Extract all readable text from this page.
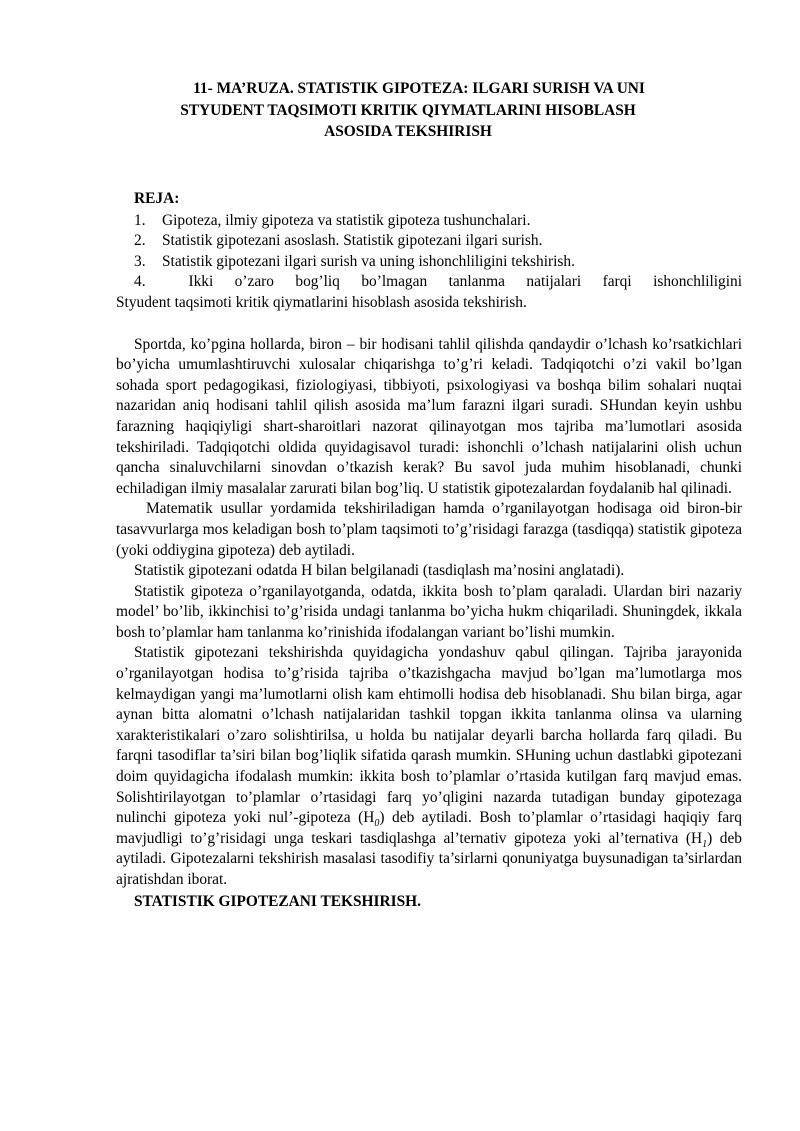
11- MA’RUZA. STATISTIK GIPOTEZA: ILGARI SURISH VA UNI
STYUDENT TAQSIMOTI KRITIK QIYMATLARINI HISOBLASH
ASOSIDA TEKSHIRISH
REJA:
1.	Gipoteza, ilmiy gipoteza va statistik gipoteza tushunchalari.
2.	Statistik gipotezani asoslash. Statistik gipotezani ilgari surish.
3.	Statistik gipotezani ilgari surish va uning ishonchliligini tekshirish.
4.	Ikki o’zaro bog’liq bo’lmagan tanlanma natijalari farqi ishonchliligini
Styudent taqsimoti kritik qiymatlarini hisoblash asosida tekshirish.

Sportda, ko’pgina hollarda, biron – bir hodisani tahlil qilishda qandaydir o’lchash ko’rsatkichlari bo’yicha umumlashtiruvchi xulosalar chiqarishga to’g’ri keladi. Tadqiqotchi o’zi vakil bo’lgan sohada sport pedagogikasi, fiziologiyasi, tibbiyoti, psixologiyasi va boshqa bilim sohalari nuqtai nazaridan aniq hodisani tahlil qilish asosida ma’lum farazni ilgari suradi. SHundan keyin ushbu farazning haqiqiyligi shart-sharoitlari nazorat qilinayotgan mos tajriba ma’lumotlari asosida tekshiriladi. Tadqiqotchi oldida quyidagisavol turadi: ishonchli o’lchash natijalarini olish uchun qancha sinaluvchilarni sinovdan o’tkazish kerak? Bu savol juda muhim hisoblanadi, chunki echiladigan ilmiy masalalar zarurati bilan bog’liq. U statistik gipotezalardan foydalanib hal qilinadi.

Matematik usullar yordamida tekshiriladigan hamda o’rganilayotgan hodisaga oid biron-bir tasavvurlarga mos keladigan bosh to’plam taqsimoti to’g’risidagi farazga (tasdiqqa) statistik gipoteza (yoki oddiygina gipoteza) deb aytiladi.

Statistik gipotezani odatda H bilan belgilanadi (tasdiqlash ma’nosini anglatadi).

Statistik gipoteza o’rganilayotganda, odatda, ikkita bosh to’plam qaraladi. Ulardan biri nazariy model’ bo’lib, ikkinchisi to’g’risida undagi tanlanma bo’yicha hukm chiqariladi. Shuningdek, ikkala bosh to’plamlar ham tanlanma ko’rinishida ifodalangan variant bo’lishi mumkin.

Statistik gipotezani tekshirishda quyidagicha yondashuv qabul qilingan. Tajriba jarayonida o’rganilayotgan hodisa to’g’risida tajriba o’tkazishgacha mavjud bo’lgan ma’lumotlarga mos kelmaydigan yangi ma’lumotlarni olish kam ehtimolli hodisa deb hisoblanadi. Shu bilan birga, agar aynan bitta alomatni o’lchash natijalaridan tashkil topgan ikkita tanlanma olinsa va ularning xarakteristikalari o’zaro solishtirilsa, u holda bu natijalar deyarli barcha hollarda farq qiladi. Bu farqni tasodiflar ta’siri bilan bog’liqlik sifatida qarash mumkin. SHuning uchun dastlabki gipotezani doim quyidagicha ifodalash mumkin: ikkita bosh to’plamlar o’rtasida kutilgan farq mavjud emas. Solishtirilayotgan to’plamlar o’rtasidagi farq yo’qligini nazarda tutadigan bunday gipotezaga nulinchi gipoteza yoki nul’-gipoteza $(H_0)$ deb aytiladi. Bosh to’plamlar o’rtasidagi haqiqiy farq mavjudligi to’g’risidagi unga teskari tasdiqlashga al’ternativ gipoteza yoki al’ternativa $(H_1)$ deb aytiladi. Gipotezalarni tekshirish masalasi tasodifiy ta’sirlarni qonuniyatga buysunadigan ta’sirlardan ajratishdan iborat.

STATISTIK GIPOTEZANI TEKSHIRISH.
